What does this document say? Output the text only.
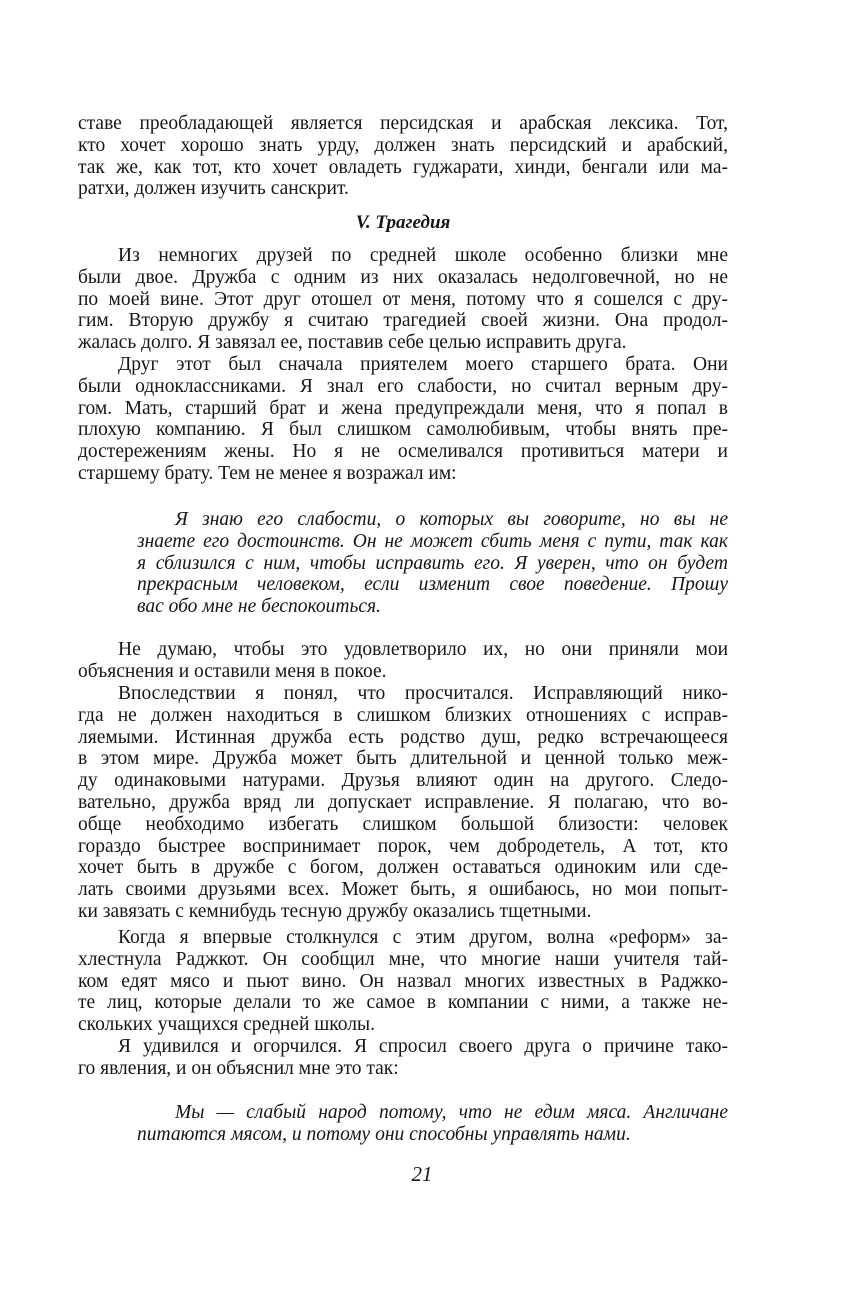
ставе преобладающей является персидская и арабская лексика. Тот,
кто хочет хорошо знать урду, должен знать персидский и арабский,
так же, как тот, кто хочет овладеть гуджарати, хинди, бенгали или ма-
ратхи, должен изучить санскрит.
V. Трагедия
Из немногих друзей по средней школе особенно близки мне
были двое. Дружба с одним из них оказалась недолговечной, но не
по моей вине. Этот друг отошел от меня, потому что я сошелся с дру-
гим. Вторую дружбу я считаю трагедией своей жизни. Она продол-
жалась долго. Я завязал ее, поставив себе целью исправить друга.
Друг этот был сначала приятелем моего старшего брата. Они
были одноклассниками. Я знал его слабости, но считал верным дру-
гом. Мать, старший брат и жена предупреждали меня, что я попал в
плохую компанию. Я был слишком самолюбивым, чтобы внять пре-
достережениям жены. Но я не осмеливался противиться матери и
старшему брату. Тем не менее я возражал им:
Я знаю его слабости, о которых вы говорите, но вы не
знаете его достоинств. Он не может сбить меня с пути, так как
я сблизился с ним, чтобы исправить его. Я уверен, что он будет
прекрасным человеком, если изменит свое поведение. Прошу
вас обо мне не беспокоиться.
Не думаю, чтобы это удовлетворило их, но они приняли мои
объяснения и оставили меня в покое.
Впоследствии я понял, что просчитался. Исправляющий нико-
гда не должен находиться в слишком близких отношениях с исправ-
ляемыми. Истинная дружба есть родство душ, редко встречающееся
в этом мире. Дружба может быть длительной и ценной только меж-
ду одинаковыми натурами. Друзья влияют один на другого. Следо-
вательно, дружба вряд ли допускает исправление. Я полагаю, что во-
обще необходимо избегать слишком большой близости: человек
гораздо быстрее воспринимает порок, чем добродетель, А тот, кто
хочет быть в дружбе с богом, должен оставаться одиноким или сде-
лать своими друзьями всех. Может быть, я ошибаюсь, но мои попыт-
ки завязать с кемнибудь тесную дружбу оказались тщетными.
Когда я впервые столкнулся с этим другом, волна «реформ» за-
хлестнула Раджкот. Он сообщил мне, что многие наши учителя тай-
ком едят мясо и пьют вино. Он назвал многих известных в Раджко-
те лиц, которые делали то же самое в компании с ними, а также не-
скольких учащихся средней школы.
Я удивился и огорчился. Я спросил своего друга о причине тако-
го явления, и он объяснил мне это так:
Мы — слабый народ потому, что не едим мяса. Англичане
питаются мясом, и потому они способны управлять нами.
21
